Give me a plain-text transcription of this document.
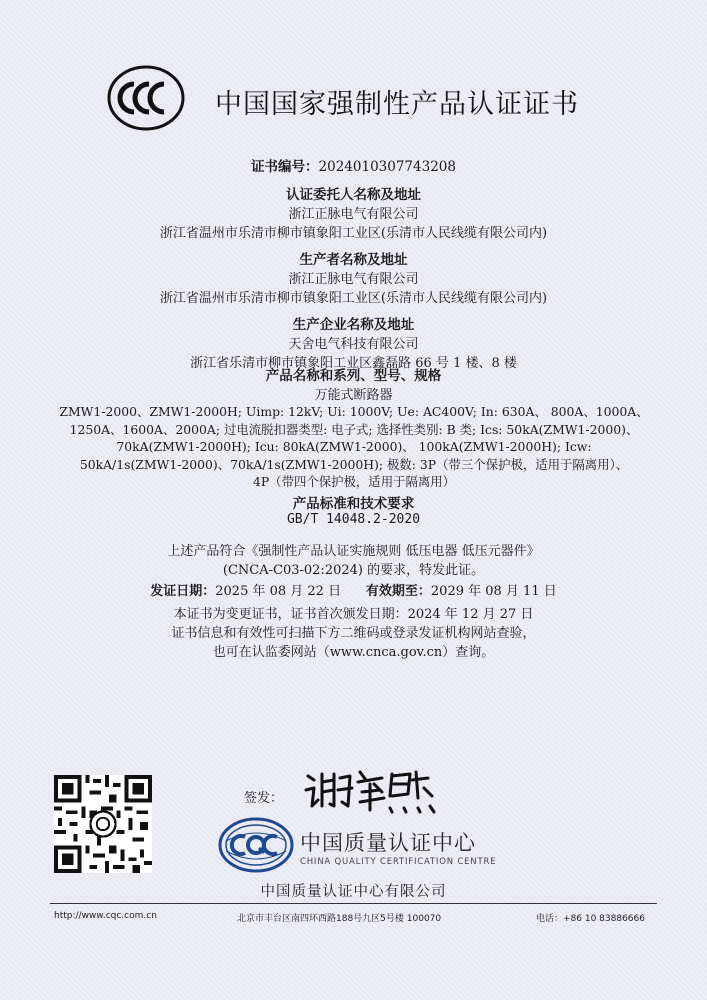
中国国家强制性产品认证证书
证书编号：2024010307743208
认证委托人名称及地址
浙江正脉电气有限公司
浙江省温州市乐清市柳市镇象阳工业区(乐清市人民线缆有限公司内)
生产者名称及地址
浙江正脉电气有限公司
浙江省温州市乐清市柳市镇象阳工业区(乐清市人民线缆有限公司内)
生产企业名称及地址
天舍电气科技有限公司
浙江省乐清市柳市镇象阳工业区鑫磊路 66 号 1 楼、8 楼
产品名称和系列、型号、规格
万能式断路器
ZMW1-2000、ZMW1-2000H; Uimp: 12kV; Ui: 1000V; Ue: AC400V; In: 630A、 800A、1000A、
1250A、1600A、2000A; 过电流脱扣器类型: 电子式; 选择性类别: B 类; Ics: 50kA(ZMW1-2000)、
70kA(ZMW1-2000H); Icu: 80kA(ZMW1-2000)、 100kA(ZMW1-2000H); Icw:
50kA/1s(ZMW1-2000)、70kA/1s(ZMW1-2000H); 极数: 3P（带三个保护极，适用于隔离用）、
4P（带四个保护极，适用于隔离用）
产品标准和技术要求
GB/T 14048.2-2020
上述产品符合《强制性产品认证实施规则 低压电器 低压元器件》
(CNCA-C03-02:2024) 的要求，特发此证。
发证日期：2025 年 08 月 22 日 有效期至：2029 年 08 月 11 日
本证书为变更证书，证书首次颁发日期：2024 年 12 月 27 日
证书信息和有效性可扫描下方二维码或登录发证机构网站查验，
也可在认监委网站（www.cnca.gov.cn）查询。
签发：
中国质量认证中心
CHINA QUALITY CERTIFICATION CENTRE
中国质量认证中心有限公司
http://www.cqc.com.cn	北京市丰台区南四环西路188号九区5号楼 100070	电话：+86 10 83886666
